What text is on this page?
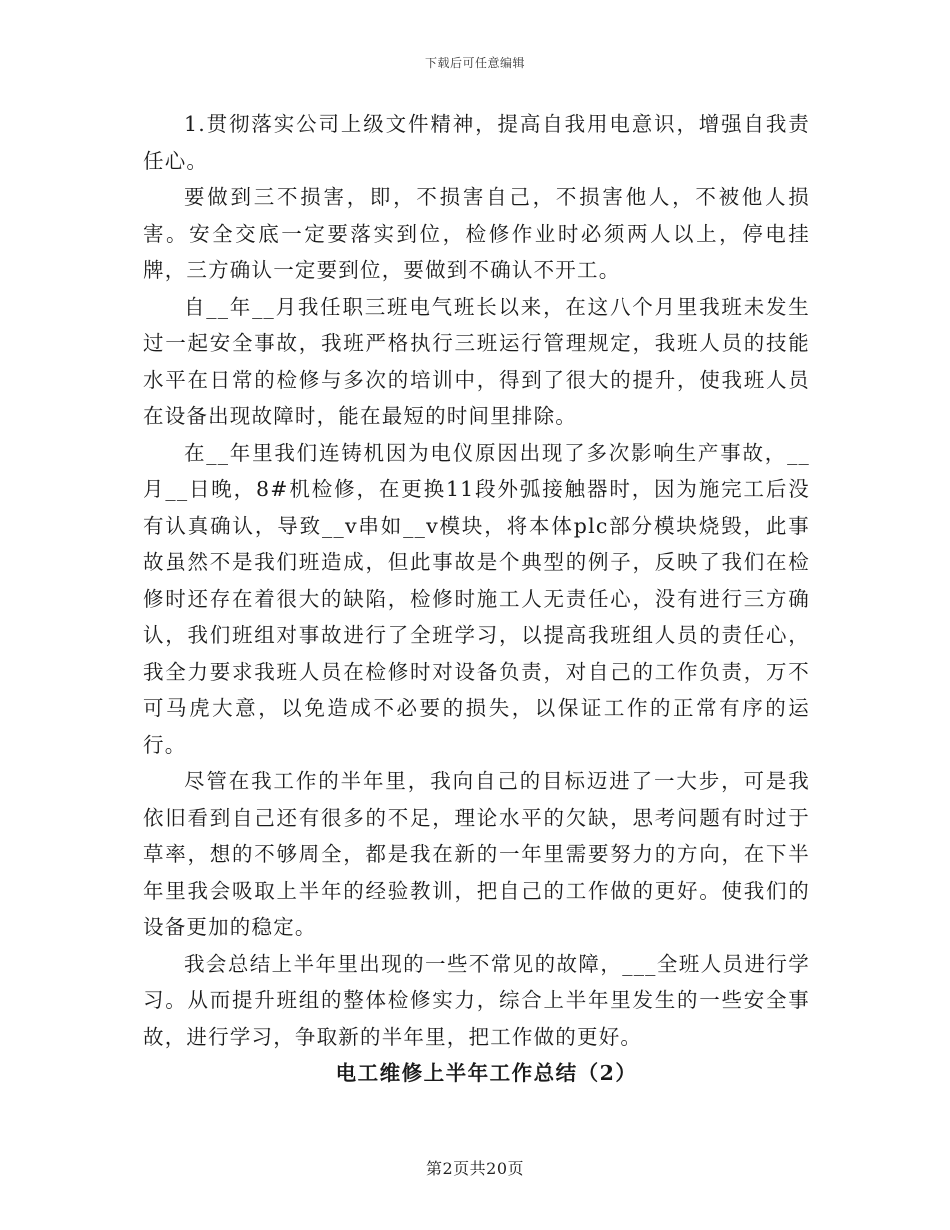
下载后可任意编辑

1.贯彻落实公司上级文件精神，提高自我用电意识，增强自我责任心。

要做到三不损害，即，不损害自己，不损害他人，不被他人损害。安全交底一定要落实到位，检修作业时必须两人以上，停电挂牌，三方确认一定要到位，要做到不确认不开工。

自__年__月我任职三班电气班长以来，在这八个月里我班未发生过一起安全事故，我班严格执行三班运行管理规定，我班人员的技能水平在日常的检修与多次的培训中，得到了很大的提升，使我班人员在设备出现故障时，能在最短的时间里排除。

在__年里我们连铸机因为电仪原因出现了多次影响生产事故，__月__日晚，8#机检修，在更换11段外弧接触器时，因为施完工后没有认真确认，导致__v串如__v模块，将本体plc部分模块烧毁，此事故虽然不是我们班造成，但此事故是个典型的例子，反映了我们在检修时还存在着很大的缺陷，检修时施工人无责任心，没有进行三方确认，我们班组对事故进行了全班学习，以提高我班组人员的责任心，我全力要求我班人员在检修时对设备负责，对自己的工作负责，万不可马虎大意，以免造成不必要的损失，以保证工作的正常有序的运行。

尽管在我工作的半年里，我向自己的目标迈进了一大步，可是我依旧看到自己还有很多的不足，理论水平的欠缺，思考问题有时过于草率，想的不够周全，都是我在新的一年里需要努力的方向，在下半年里我会吸取上半年的经验教训，把自己的工作做的更好。使我们的设备更加的稳定。

我会总结上半年里出现的一些不常见的故障，___全班人员进行学习。从而提升班组的整体检修实力，综合上半年里发生的一些安全事故，进行学习，争取新的半年里，把工作做的更好。

电工维修上半年工作总结（2）
第2页共20页
